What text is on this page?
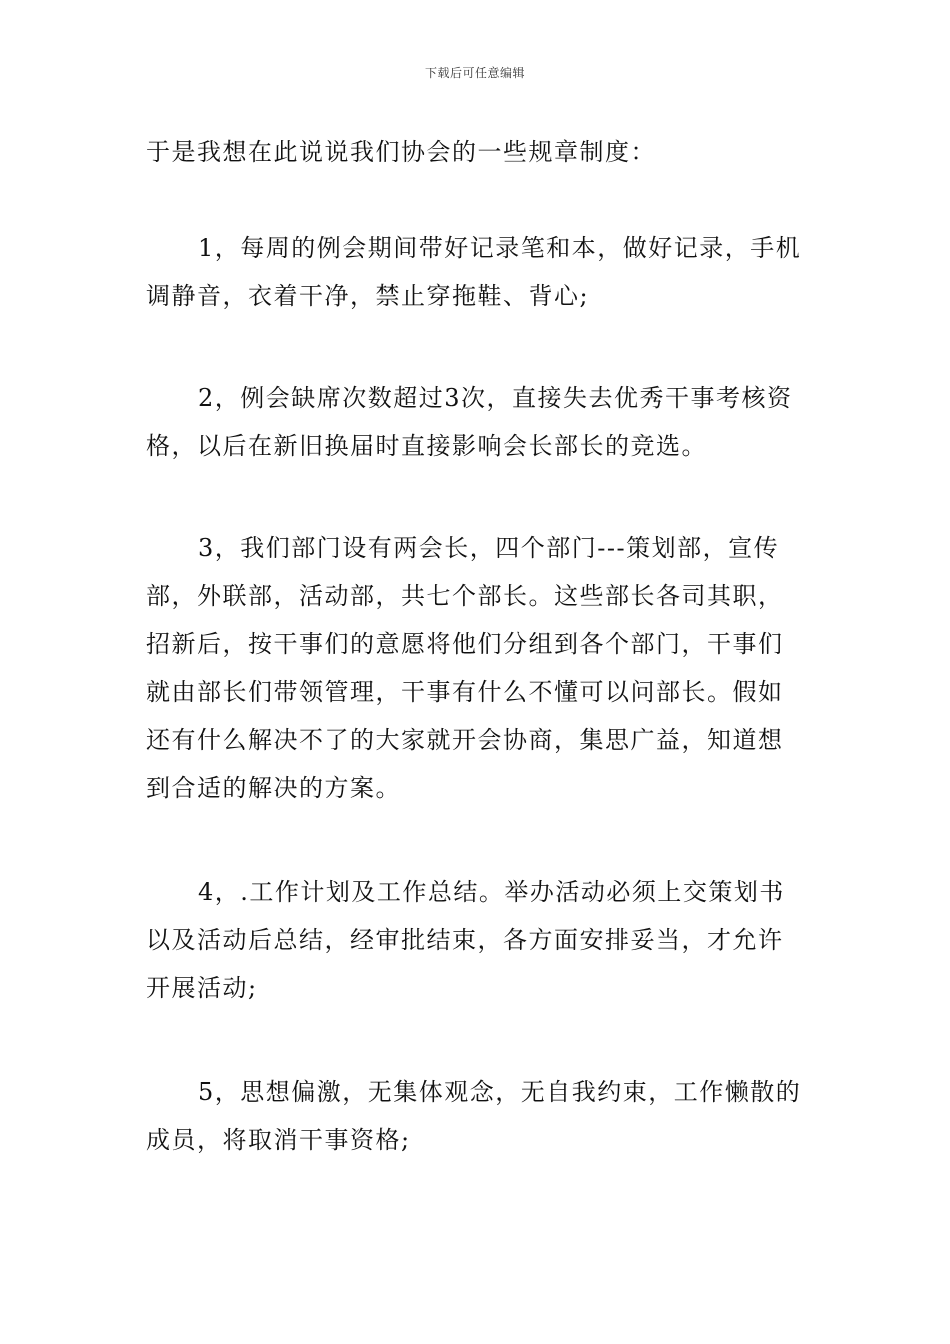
下载后可任意编辑

于是我想在此说说我们协会的一些规章制度：

1，每周的例会期间带好记录笔和本，做好记录，手机调静音，衣着干净，禁止穿拖鞋、背心;

2，例会缺席次数超过3次，直接失去优秀干事考核资格，以后在新旧换届时直接影响会长部长的竞选。

3，我们部门设有两会长，四个部门---策划部，宣传部，外联部，活动部，共七个部长。这些部长各司其职，招新后，按干事们的意愿将他们分组到各个部门，干事们就由部长们带领管理，干事有什么不懂可以问部长。假如还有什么解决不了的大家就开会协商，集思广益，知道想到合适的解决的方案。

4，.工作计划及工作总结。举办活动必须上交策划书以及活动后总结，经审批结束，各方面安排妥当，才允许开展活动;

5，思想偏激，无集体观念，无自我约束，工作懒散的成员，将取消干事资格;
